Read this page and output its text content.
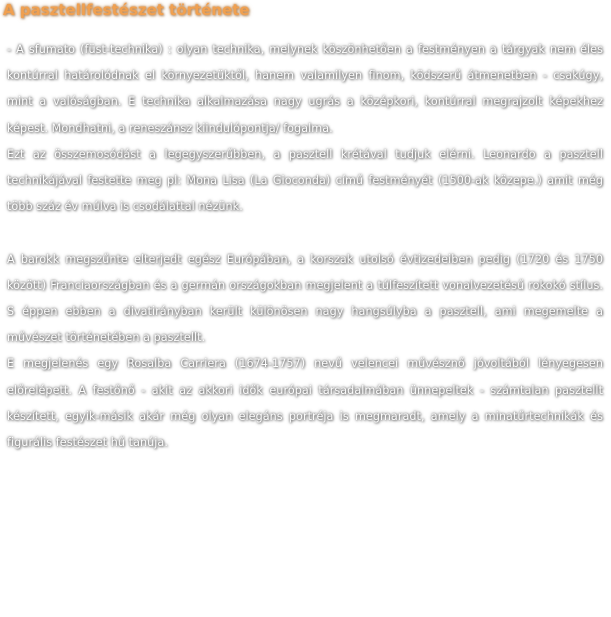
A pasztellfestészet története

- A sfumato (füst-technika) : olyan technika, melynek köszönhetően a festményen a tárgyak nem éles kontúrral határolódnak el környezetüktől, hanem valamilyen finom, ködszerű átmenetben - csakúgy, mint a valóságban. E technika alkalmazása nagy ugrás a középkori, kontúrral megrajzolt képekhez képest. Mondhatni, a reneszánsz kiindulópontja/ fogalma.

Ezt az összemosódást a legegyszerűbben, a pasztell krétával tudjuk elérni. Leonardo a pasztell technikájával festette meg pl: Mona Lisa (La Gioconda) című festményét (1500-ak közepe.) amit még több száz év múlva is csodálattal nézünk.

A barokk megszűnte elterjedt egész Európában, a korszak utolsó évtizedeiben pedig (1720 és 1750 között) Franciaországban és a germán országokban megjelent a túlfeszített vonalvezetésű rokokó stílus. S éppen ebben a divatirányban került különösen nagy hangsúlyba a pasztell, ami megemelte a művészet történetében a pasztellt.

E megjelenés egy Rosalba Carriera (1674-1757) nevű velencei művésznő jóvoltából lényegesen előrelépett. A festőnő - akit az akkori idők európai társadalmában ünnepeltek - számtalan pasztellt készített, egyik-másik akár még olyan elegáns portréja is megmaradt, amely a minatűrtechnikák és figurális festészet hű tanúja.
